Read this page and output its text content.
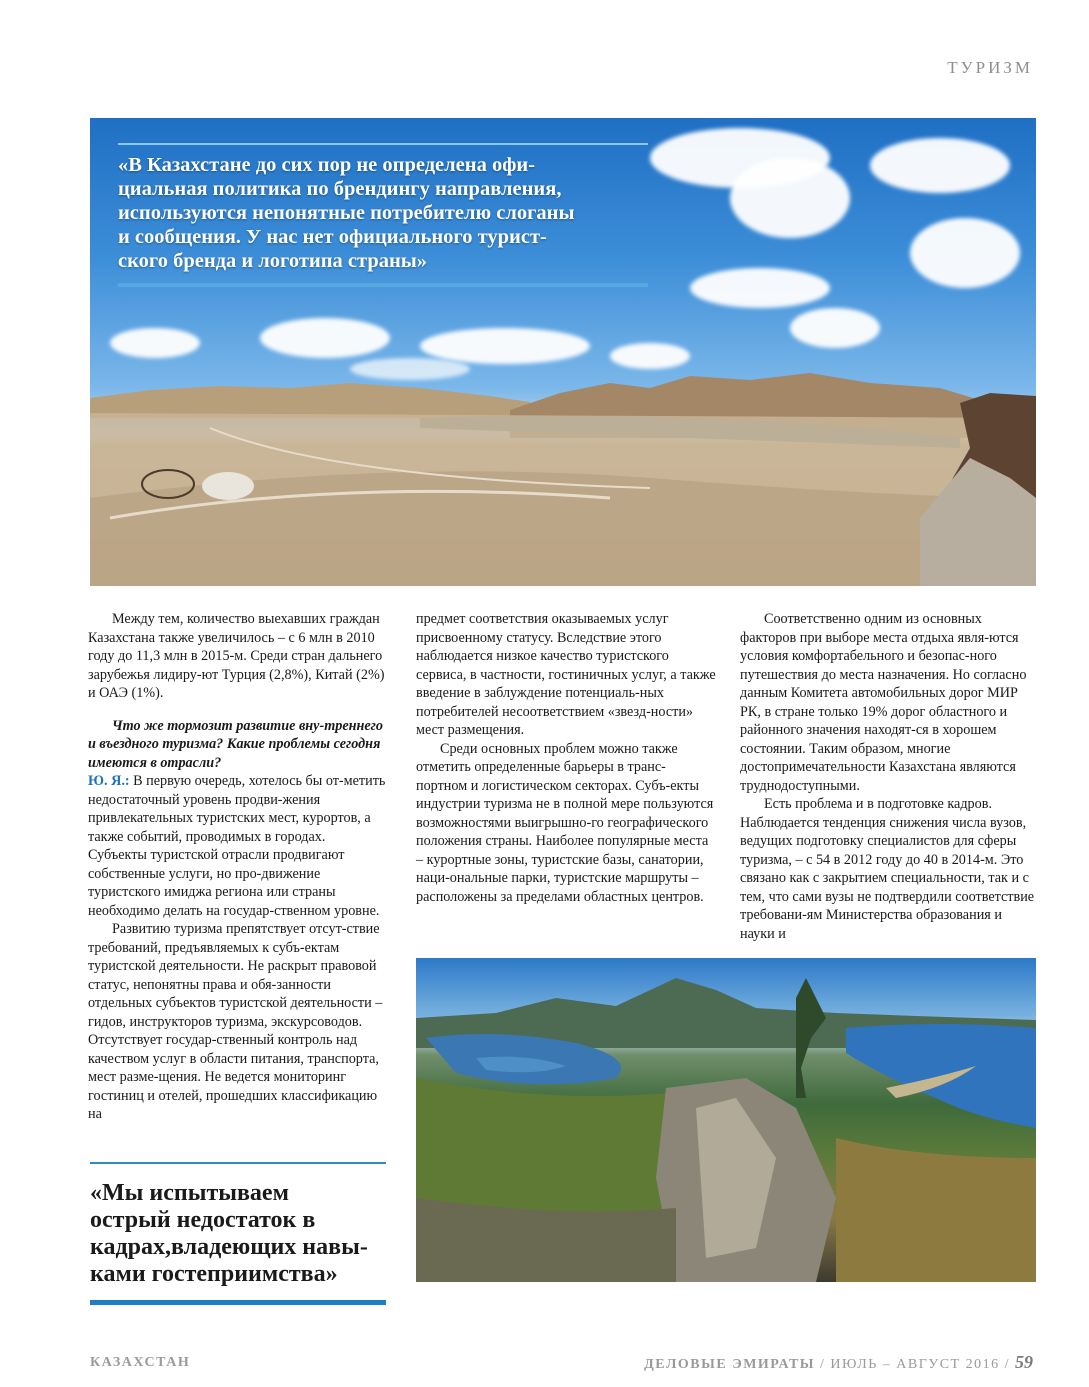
ТУРИЗМ
«В Казахстане до сих пор не определена офи-
циальная политика по брендингу направления,
используются непонятные потребителю слоганы
и сообщения. У нас нет официального турист-
ского бренда и логотипа страны»

Между тем, количество выехавших граждан Казахстана также увеличилось – с 6 млн в 2010 году до 11,3 млн в 2015-м. Среди стран дальнего зарубежья лидиру-ют Турция (2,8%), Китай (2%) и ОАЭ (1%).

Что же тормозит развитие вну-треннего и въездного туризма? Какие проблемы сегодня имеются в отрасли?

Ю. Я.: В первую очередь, хотелось бы от-метить недостаточный уровень продви-жения привлекательных туристских мест, курортов, а также событий, проводимых в городах. Субъекты туристской отрасли продвигают собственные услуги, но про-движение туристского имиджа региона или страны необходимо делать на государ-ственном уровне.

Развитию туризма препятствует отсут-ствие требований, предъявляемых к субъ-ектам туристской деятельности. Не раскрыт правовой статус, непонятны права и обя-занности отдельных субъектов туристской деятельности – гидов, инструкторов туризма, экскурсоводов. Отсутствует государ-ственный контроль над качеством услуг в области питания, транспорта, мест разме-щения. Не ведется мониторинг гостиниц и отелей, прошедших классификацию на

предмет соответствия оказываемых услуг присвоенному статусу. Вследствие этого наблюдается низкое качество туристского сервиса, в частности, гостиничных услуг, а также введение в заблуждение потенциаль-ных потребителей несоответствием «звезд-ности» мест размещения.

Среди основных проблем можно также отметить определенные барьеры в транс-портном и логистическом секторах. Субъ-екты индустрии туризма не в полной мере пользуются возможностями выигрышно-го географического положения страны. Наиболее популярные места – курортные зоны, туристские базы, санатории, наци-ональные парки, туристские маршруты – расположены за пределами областных центров.

Соответственно одним из основных факторов при выборе места отдыха явля-ются условия комфортабельного и безопас-ного путешествия до места назначения. Но согласно данным Комитета автомобильных дорог МИР РК, в стране только 19% дорог областного и районного значения находят-ся в хорошем состоянии. Таким образом, многие достопримечательности Казахстана являются труднодоступными.

Есть проблема и в подготовке кадров. Наблюдается тенденция снижения числа вузов, ведущих подготовку специалистов для сферы туризма, – с 54 в 2012 году до 40 в 2014-м. Это связано как с закрытием специальности, так и с тем, что сами вузы не подтвердили соответствие требовани-ям Министерства образования и науки и

«Мы испытываем
острый недостаток в
кадрах,владеющих навы-
ками гостеприимства»
КАЗАХСТАН	ДЕЛОВЫЕ ЭМИРАТЫ / ИЮЛЬ – АВГУСТ 2016 / 59
